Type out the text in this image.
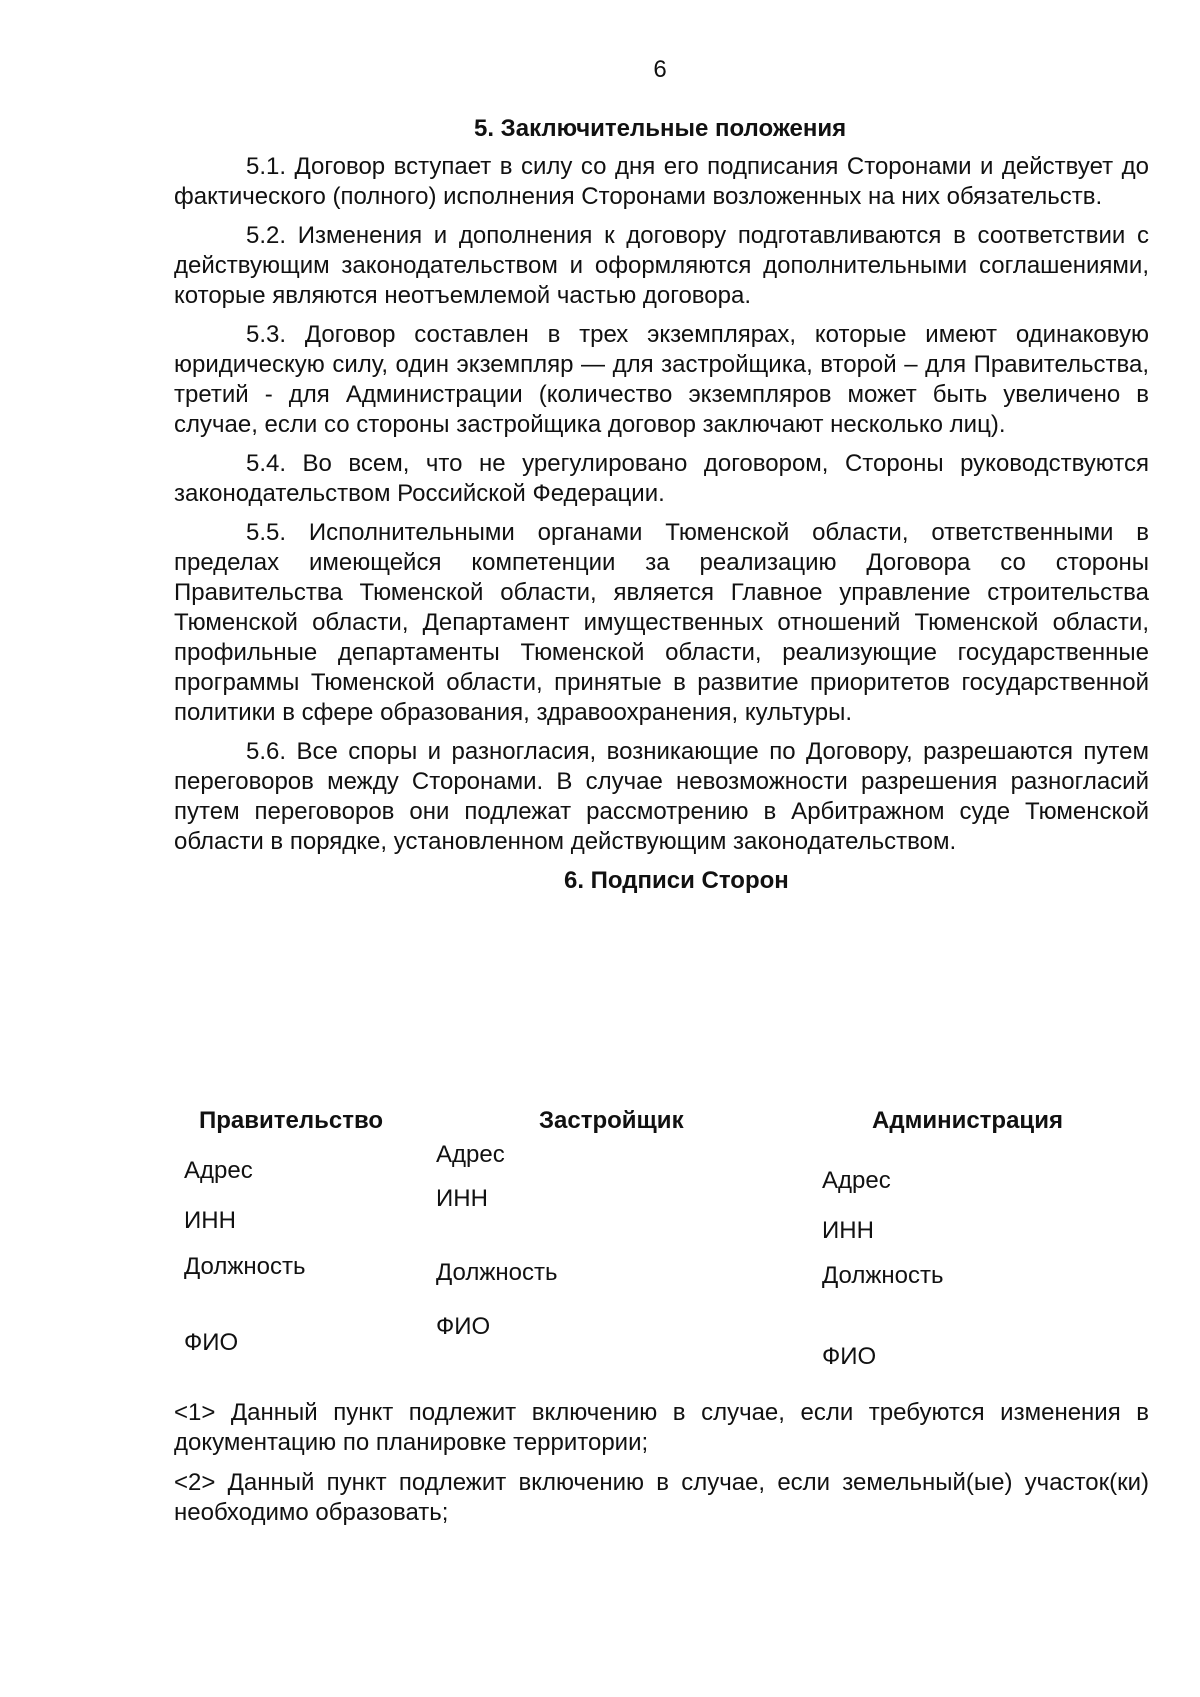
6
5. Заключительные положения

5.1. Договор вступает в силу со дня его подписания Сторонами и действует до фактического (полного) исполнения Сторонами возложенных на них обязательств.

5.2. Изменения и дополнения к договору подготавливаются в соответствии с действующим законодательством и оформляются дополнительными соглашениями, которые являются неотъемлемой частью договора.

5.3. Договор составлен в трех экземплярах, которые имеют одинаковую юридическую силу, один экземпляр — для застройщика, второй – для Правительства, третий - для Администрации (количество экземпляров может быть увеличено в случае, если со стороны застройщика договор заключают несколько лиц).

5.4. Во всем, что не урегулировано договором, Стороны руководствуются законодательством Российской Федерации.

5.5. Исполнительными органами Тюменской области, ответственными в пределах имеющейся компетенции за реализацию Договора со стороны Правительства Тюменской области, является Главное управление строительства Тюменской области, Департамент имущественных отношений Тюменской области, профильные департаменты Тюменской области, реализующие государственные программы Тюменской области, принятые в развитие приоритетов государственной политики в сфере образования, здравоохранения, культуры.

5.6. Все споры и разногласия, возникающие по Договору, разрешаются путем переговоров между Сторонами. В случае невозможности разрешения разногласий путем переговоров они подлежат рассмотрению в Арбитражном суде Тюменской области в порядке, установленном действующим законодательством.

6. Подписи Сторон
Правительство
Адрес
ИНН
Должность
ФИО
Застройщик
Адрес
ИНН
Должность
ФИО
Администрация
Адрес
ИНН
Должность
ФИО

<1> Данный пункт подлежит включению в случае, если требуются изменения в документацию по планировке территории;

<2> Данный пункт подлежит включению в случае, если земельный(ые) участок(ки) необходимо образовать;
